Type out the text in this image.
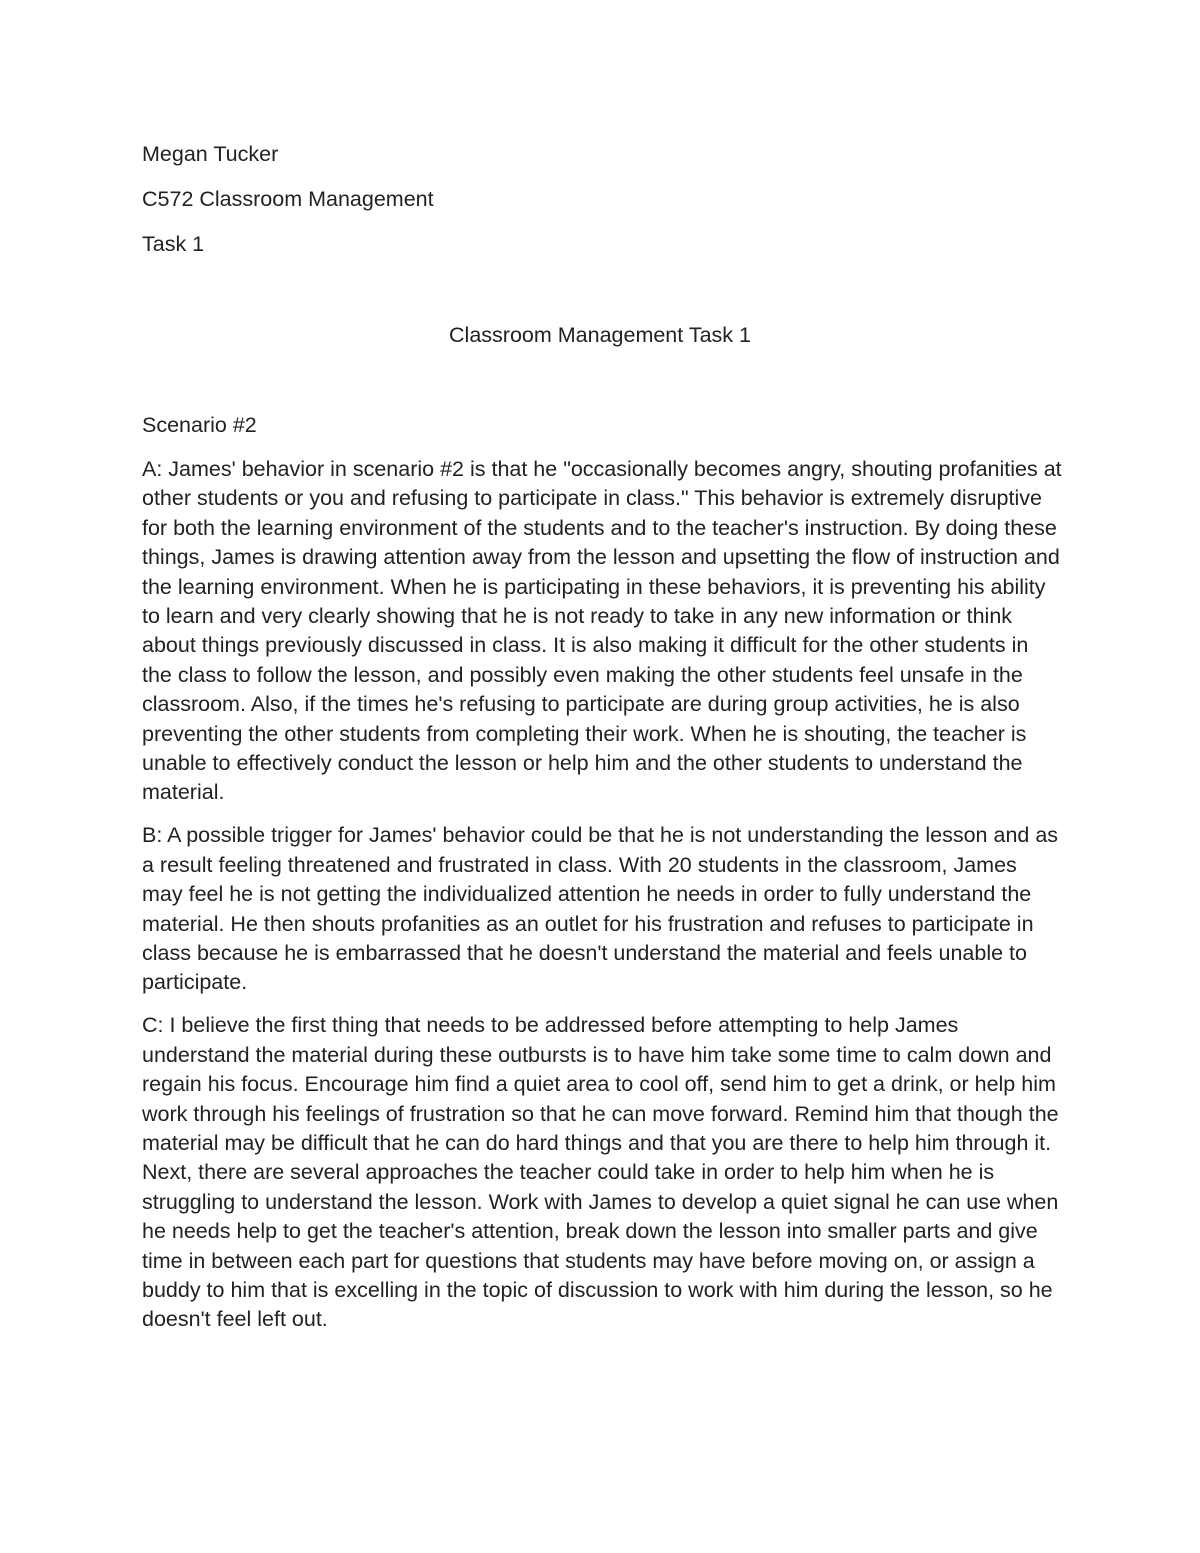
Megan Tucker

C572 Classroom Management

Task 1

Classroom Management Task 1
Scenario #2

A: James' behavior in scenario #2 is that he "occasionally becomes angry, shouting profanities at other students or you and refusing to participate in class." This behavior is extremely disruptive for both the learning environment of the students and to the teacher's instruction. By doing these things, James is drawing attention away from the lesson and upsetting the flow of instruction and the learning environment. When he is participating in these behaviors, it is preventing his ability to learn and very clearly showing that he is not ready to take in any new information or think about things previously discussed in class. It is also making it difficult for the other students in the class to follow the lesson, and possibly even making the other students feel unsafe in the classroom. Also, if the times he's refusing to participate are during group activities, he is also preventing the other students from completing their work. When he is shouting, the teacher is unable to effectively conduct the lesson or help him and the other students to understand the material.

B: A possible trigger for James' behavior could be that he is not understanding the lesson and as a result feeling threatened and frustrated in class. With 20 students in the classroom, James may feel he is not getting the individualized attention he needs in order to fully understand the material. He then shouts profanities as an outlet for his frustration and refuses to participate in class because he is embarrassed that he doesn't understand the material and feels unable to participate.

C: I believe the first thing that needs to be addressed before attempting to help James understand the material during these outbursts is to have him take some time to calm down and regain his focus. Encourage him find a quiet area to cool off, send him to get a drink, or help him work through his feelings of frustration so that he can move forward. Remind him that though the material may be difficult that he can do hard things and that you are there to help him through it. Next, there are several approaches the teacher could take in order to help him when he is struggling to understand the lesson. Work with James to develop a quiet signal he can use when he needs help to get the teacher's attention, break down the lesson into smaller parts and give time in between each part for questions that students may have before moving on, or assign a buddy to him that is excelling in the topic of discussion to work with him during the lesson, so he doesn't feel left out.
